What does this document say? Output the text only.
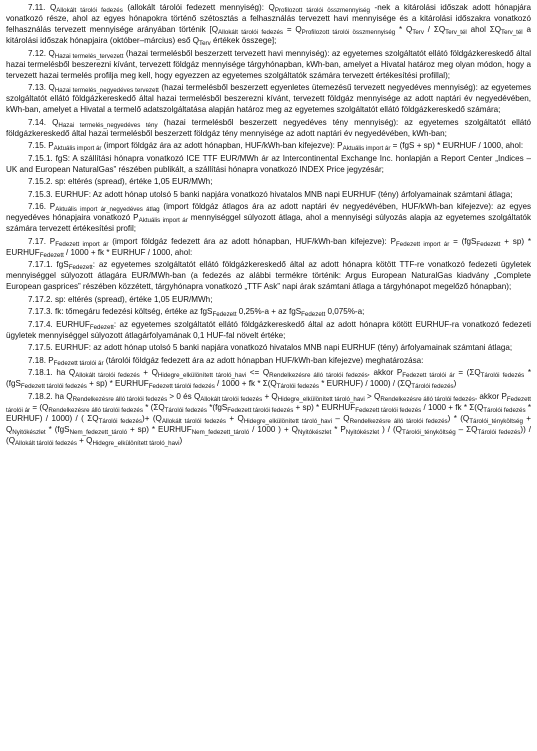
7.11. $Q_{Allokált tárolói fedezés}$ (allokált tárolói fedezett mennyiség): $Q_{Profilozott tárolói összmennyiség}$ -nek a kitárolási időszak adott hónapjára vonatkozó része, ahol az egyes hónapokra történő szétosztás a felhasználás tervezett havi mennyisége és a kitárolási időszakra vonatkozó felhasználás tervezett mennyisége arányában történik [$Q_{Allokált tárolói fedezés} = Q_{Profilozott tárolói összmennyiség} * Q_{Terv} / \Sigma Q_{Terv\_tél}$ ahol $\Sigma Q_{Terv\_tél}$ a kitárolási időszak hónapjaira (október–március) eső $Q_{Terv}$ értékek összege];

7.12. $Q_{Hazai termelés\_tervezett}$ (hazai termelésből beszerzett tervezett havi mennyiség): az egyetemes szolgáltatót ellátó földgázkereskedő által hazai termelésből beszerezni kívánt, tervezett földgáz mennyisége tárgyhónapban, kWh-ban, amelyet a Hivatal határoz meg olyan módon, hogy a tervezett hazai termelés profilja meg kell, hogy egyezzen az egyetemes szolgáltatók számára tervezett értékesítési profillal);

7.13. $Q_{Hazai termelés\_negyedéves tervezett}$ (hazai termelésből beszerzett egyenletes ütemezésű tervezett negyedéves mennyiség): az egyetemes szolgáltatót ellátó földgázkereskedő által hazai termelésből beszerezni kívánt, tervezett földgáz mennyisége az adott naptári év negyedévében, kWh-ban, amelyet a Hivatal a termelő adatszolgáltatása alapján határoz meg az egyetemes szolgáltatót ellátó földgázkereskedő számára;

7.14. $Q_{Hazai termelés\_negyedéves tény}$ (hazai termelésből beszerzett negyedéves tény mennyiség): az egyetemes szolgáltatót ellátó földgázkereskedő által hazai termelésből beszerzett földgáz tény mennyisége az adott naptári év negyedévében, kWh-ban;

7.15. $P_{Aktuális import ár}$ (import földgáz ára az adott hónapban, HUF/kWh-ban kifejezve): $P_{Aktuális import ár} = (fgS + sp)$ * EURHUF / 1000, ahol:

7.15.1. fgS: A szállítási hónapra vonatkozó ICE TTF EUR/MWh ár az Intercontinental Exchange Inc. honlapján a Report Center „Indices – UK and European NaturalGas” részében publikált, a szállítási hónapra vonatkozó INDEX Price jegyzésár;

7.15.2. sp: eltérés (spread), értéke 1,05 EUR/MWh;

7.15.3. EURHUF: Az adott hónap utolsó 5 banki napjára vonatkozó hivatalos MNB napi EURHUF (tény) árfolyamainak számtani átlaga;

7.16. $P_{Aktuális import ár\_negyedéves átlag}$ (import földgáz átlagos ára az adott naptári év negyedévében, HUF/kWh-ban kifejezve): az egyes negyedéves hónapjaira vonatkozó $P_{Aktuális import ár}$ mennyiséggel súlyozott átlaga, ahol a mennyiségi súlyozás alapja az egyetemes szolgáltatók számára tervezett értékesítési profil;

7.17. $P_{Fedezett import ár}$ (import földgáz fedezett ára az adott hónapban, HUF/kWh-ban kifejezve): $P_{Fedezett import ár} = (fgS_{Fedezett} + sp)$ * $EURHUF_{Fedezett} / 1000$ + fk * EURHUF / 1000, ahol:

7.17.1. fgS$_{Fedezett}$: az egyetemes szolgáltatót ellátó földgázkereskedő által az adott hónapra kötött TTF-re vonatkozó fedezeti ügyletek mennyiséggel súlyozott átlagára EUR/MWh-ban (a fedezés az alábbi termékre történik: Argus European NaturalGas kiadvány „Complete European gasprices” részében közzétett, tárgyhónapra vonatkozó „TTF Ask” napi árak számtani átlaga a tárgyhónapot megelőző hónapban);

7.17.2. sp: eltérés (spread), értéke 1,05 EUR/MWh;

7.17.3. fk: tőmegáru fedezési költség, értéke az fgS$_{Fedezett}$ 0,25%-a + az fgS$_{Fedezett}$ 0,075%-a;

7.17.4. $EURHUF_{Fedezett}$: az egyetemes szolgáltatót ellátó földgázkereskedő által az adott hónapra kötött EURHUF-ra vonatkozó fedezeti ügyletek mennyiséggel súlyozott átlagárfolyamának 0,1 HUF-fal növelt értéke;

7.17.5. EURHUF: az adott hónap utolsó 5 banki napjára vonatkozó hivatalos MNB napi EURHUF (tény) árfolyamainak számtani átlaga;

7.18. $P_{Fedezett tárolói ár}$ (tárolói földgáz fedezett ára az adott hónapban HUF/kWh-ban kifejezve) meghatározása:

7.18.1. ha $Q_{Allokált tárolói fedezés} + Q_{Hidegre\_elkülönített tároló\_havi} <= Q_{Rendelkezésre álló tárolói fedezés}$, akkor $P_{Fedezett tárolói ár} = (\Sigma Q_{Tárolói fedezés}$ $*(fgS_{Fedezett tárolói fedezés} + sp) * EURHUF_{Fedezett tárolói fedezés} / 1000$ + fk * $\Sigma(Q_{Tárolói fedezés}$ * EURHUF) / $1000) / (\Sigma Q_{Tárolói fedezés})$

7.18.2. ha $Q_{Rendelkezésre álló tárolói fedezés} > 0$ és $Q_{Allokált tárolói fedezés} + Q_{Hidegre\_elkülönített tároló\_havi} > Q_{Rendelkezésre álló tárolói fedezés}$, akkor $P_{Fedezett tárolói ár} = (Q_{Rendelkezésre álló tárolói fedezés} * (\Sigma Q_{Tárolói fedezés}$ $*(fgS_{Fedezett tárolói fedezés} + sp) * EURHUF_{Fedezett tárolói fedezés} / 1000$ + fk * $\Sigma(Q_{Tárolói fedezés}$ * EURHUF) / 1000) / ( $\Sigma Q_{Tárolói fedezés})+ (Q_{Allokált tárolói fedezés} + Q_{Hidegre\_elkülönített tároló\_havi} - Q_{Rendelkezésre álló tárolói fedezés}) * (Q_{Tárolói\_tényköltség} + Q_{Nyitókészlet} * (fgS_{Nem\_fedezett\_tároló} + sp)$ * $EURHUF_{Nem\_fedezett\_tároló} / 1000$ ) + $Q_{Nyitókészlet} * P_{Nyitókészlet}$ ) / $(Q_{Tárolói\_tényköltség} - \Sigma Q_{Tárolói fedezés})) / (Q_{Allokált tárolói fedezés} + Q_{Hidegre\_elkülönített tároló\_havi})$
